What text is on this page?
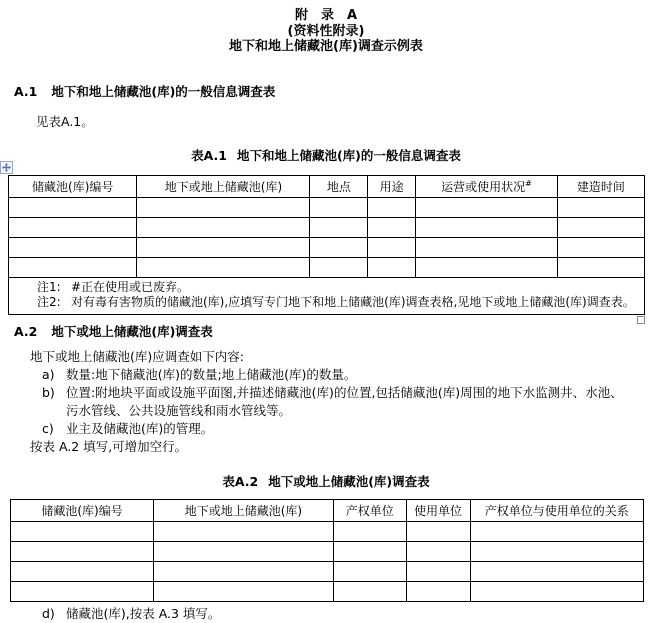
附　录　A
(资料性附录)
地下和地上储藏池(库)调查示例表
A.1 地下和地上储藏池(库)的一般信息调查表
见表A.1。
表A.1 地下和地上储藏池(库)的一般信息调查表
储藏池(库)编号	地下或地上储藏池(库)	地点	用途	运营或使用状况#	建造时间

注1: #正在使用或已废弃。
注2: 对有毒有害物质的储藏池(库),应填写专门地下和地上储藏池(库)调查表格,见地下或地上储藏池(库)调查表。					
A.2 地下或地上储藏池(库)调查表
地下或地上储藏池(库)应调查如下内容:
a) 数量:地下储藏池(库)的数量;地上储藏池(库)的数量。
b) 位置:附地块平面或设施平面图,并描述储藏池(库)的位置,包括储藏池(库)周围的地下水监测井、水池、污水管线、公共设施管线和雨水管线等。
c) 业主及储藏池(库)的管理。
按表 A.2 填写,可增加空行。
表A.2 地下或地上储藏池(库)调查表
储藏池(库)编号	地下或地上储藏池(库)	产权单位	使用单位	产权单位与使用单位的关系

d) 储藏池(库),按表 A.3 填写。
